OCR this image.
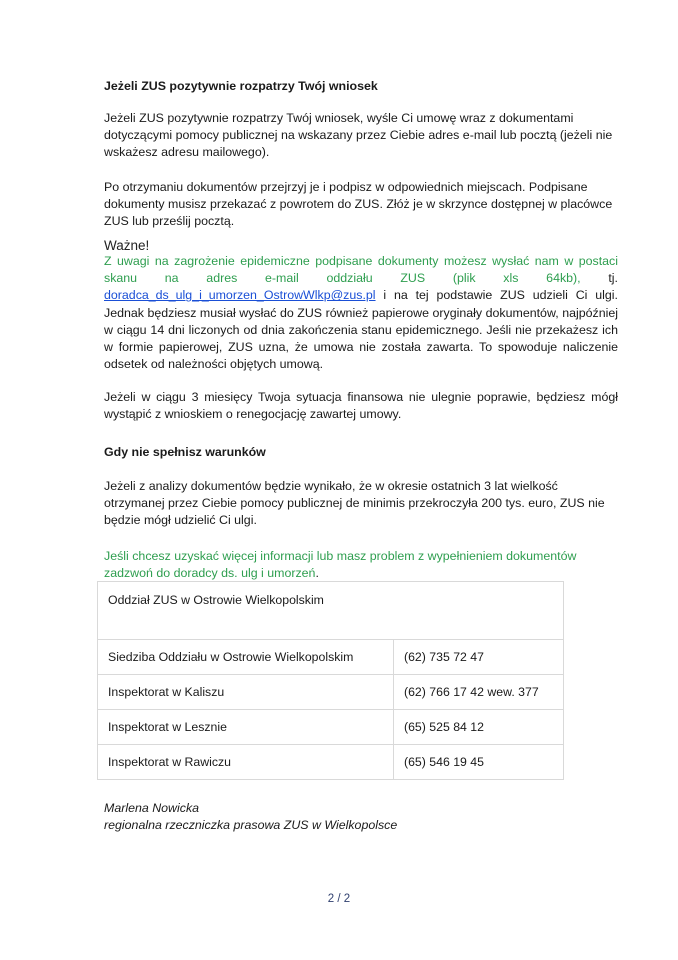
Jeżeli ZUS pozytywnie rozpatrzy Twój wniosek

Jeżeli ZUS pozytywnie rozpatrzy Twój wniosek, wyśle Ci umowę wraz z dokumentami dotyczącymi pomocy publicznej na wskazany przez Ciebie adres e-mail lub pocztą (jeżeli nie wskażesz adresu mailowego).

Po otrzymaniu dokumentów przejrzyj je i podpisz w odpowiednich miejscach. Podpisane dokumenty musisz przekazać z powrotem do ZUS. Złóż je w skrzynce dostępnej w placówce ZUS lub prześlij pocztą.

Ważne!

Z uwagi na zagrożenie epidemiczne podpisane dokumenty możesz wysłać nam w postaci skanu na adres e-mail oddziału ZUS (plik xls 64kb), tj. doradca_ds_ulg_i_umorzen_OstrowWlkp@zus.pl i na tej podstawie ZUS udzieli Ci ulgi. Jednak będziesz musiał wysłać do ZUS również papierowe oryginały dokumentów, najpóźniej w ciągu 14 dni liczonych od dnia zakończenia stanu epidemicznego. Jeśli nie przekażesz ich w formie papierowej, ZUS uzna, że umowa nie została zawarta. To spowoduje naliczenie odsetek od należności objętych umową.

Jeżeli w ciągu 3 miesięcy Twoja sytuacja finansowa nie ulegnie poprawie, będziesz mógł wystąpić z wnioskiem o renegocjację zawartej umowy.

Gdy nie spełnisz warunków

Jeżeli z analizy dokumentów będzie wynikało, że w okresie ostatnich 3 lat wielkość otrzymanej przez Ciebie pomocy publicznej de minimis przekroczyła 200 tys. euro, ZUS nie będzie mógł udzielić Ci ulgi.

Jeśli chcesz uzyskać więcej informacji lub masz problem z wypełnieniem dokumentów zadzwoń do doradcy ds. ulg i umorzeń.
Oddział ZUS w Ostrowie Wielkopolskim	
Siedziba Oddziału w Ostrowie Wielkopolskim	(62) 735 72 47
Inspektorat w Kaliszu	(62) 766 17 42 wew. 377
Inspektorat w Lesznie	(65) 525 84 12
Inspektorat w Rawiczu	(65) 546 19 45
Marlena Nowicka
regionalna rzeczniczka prasowa ZUS w Wielkopolsce
2 / 2
